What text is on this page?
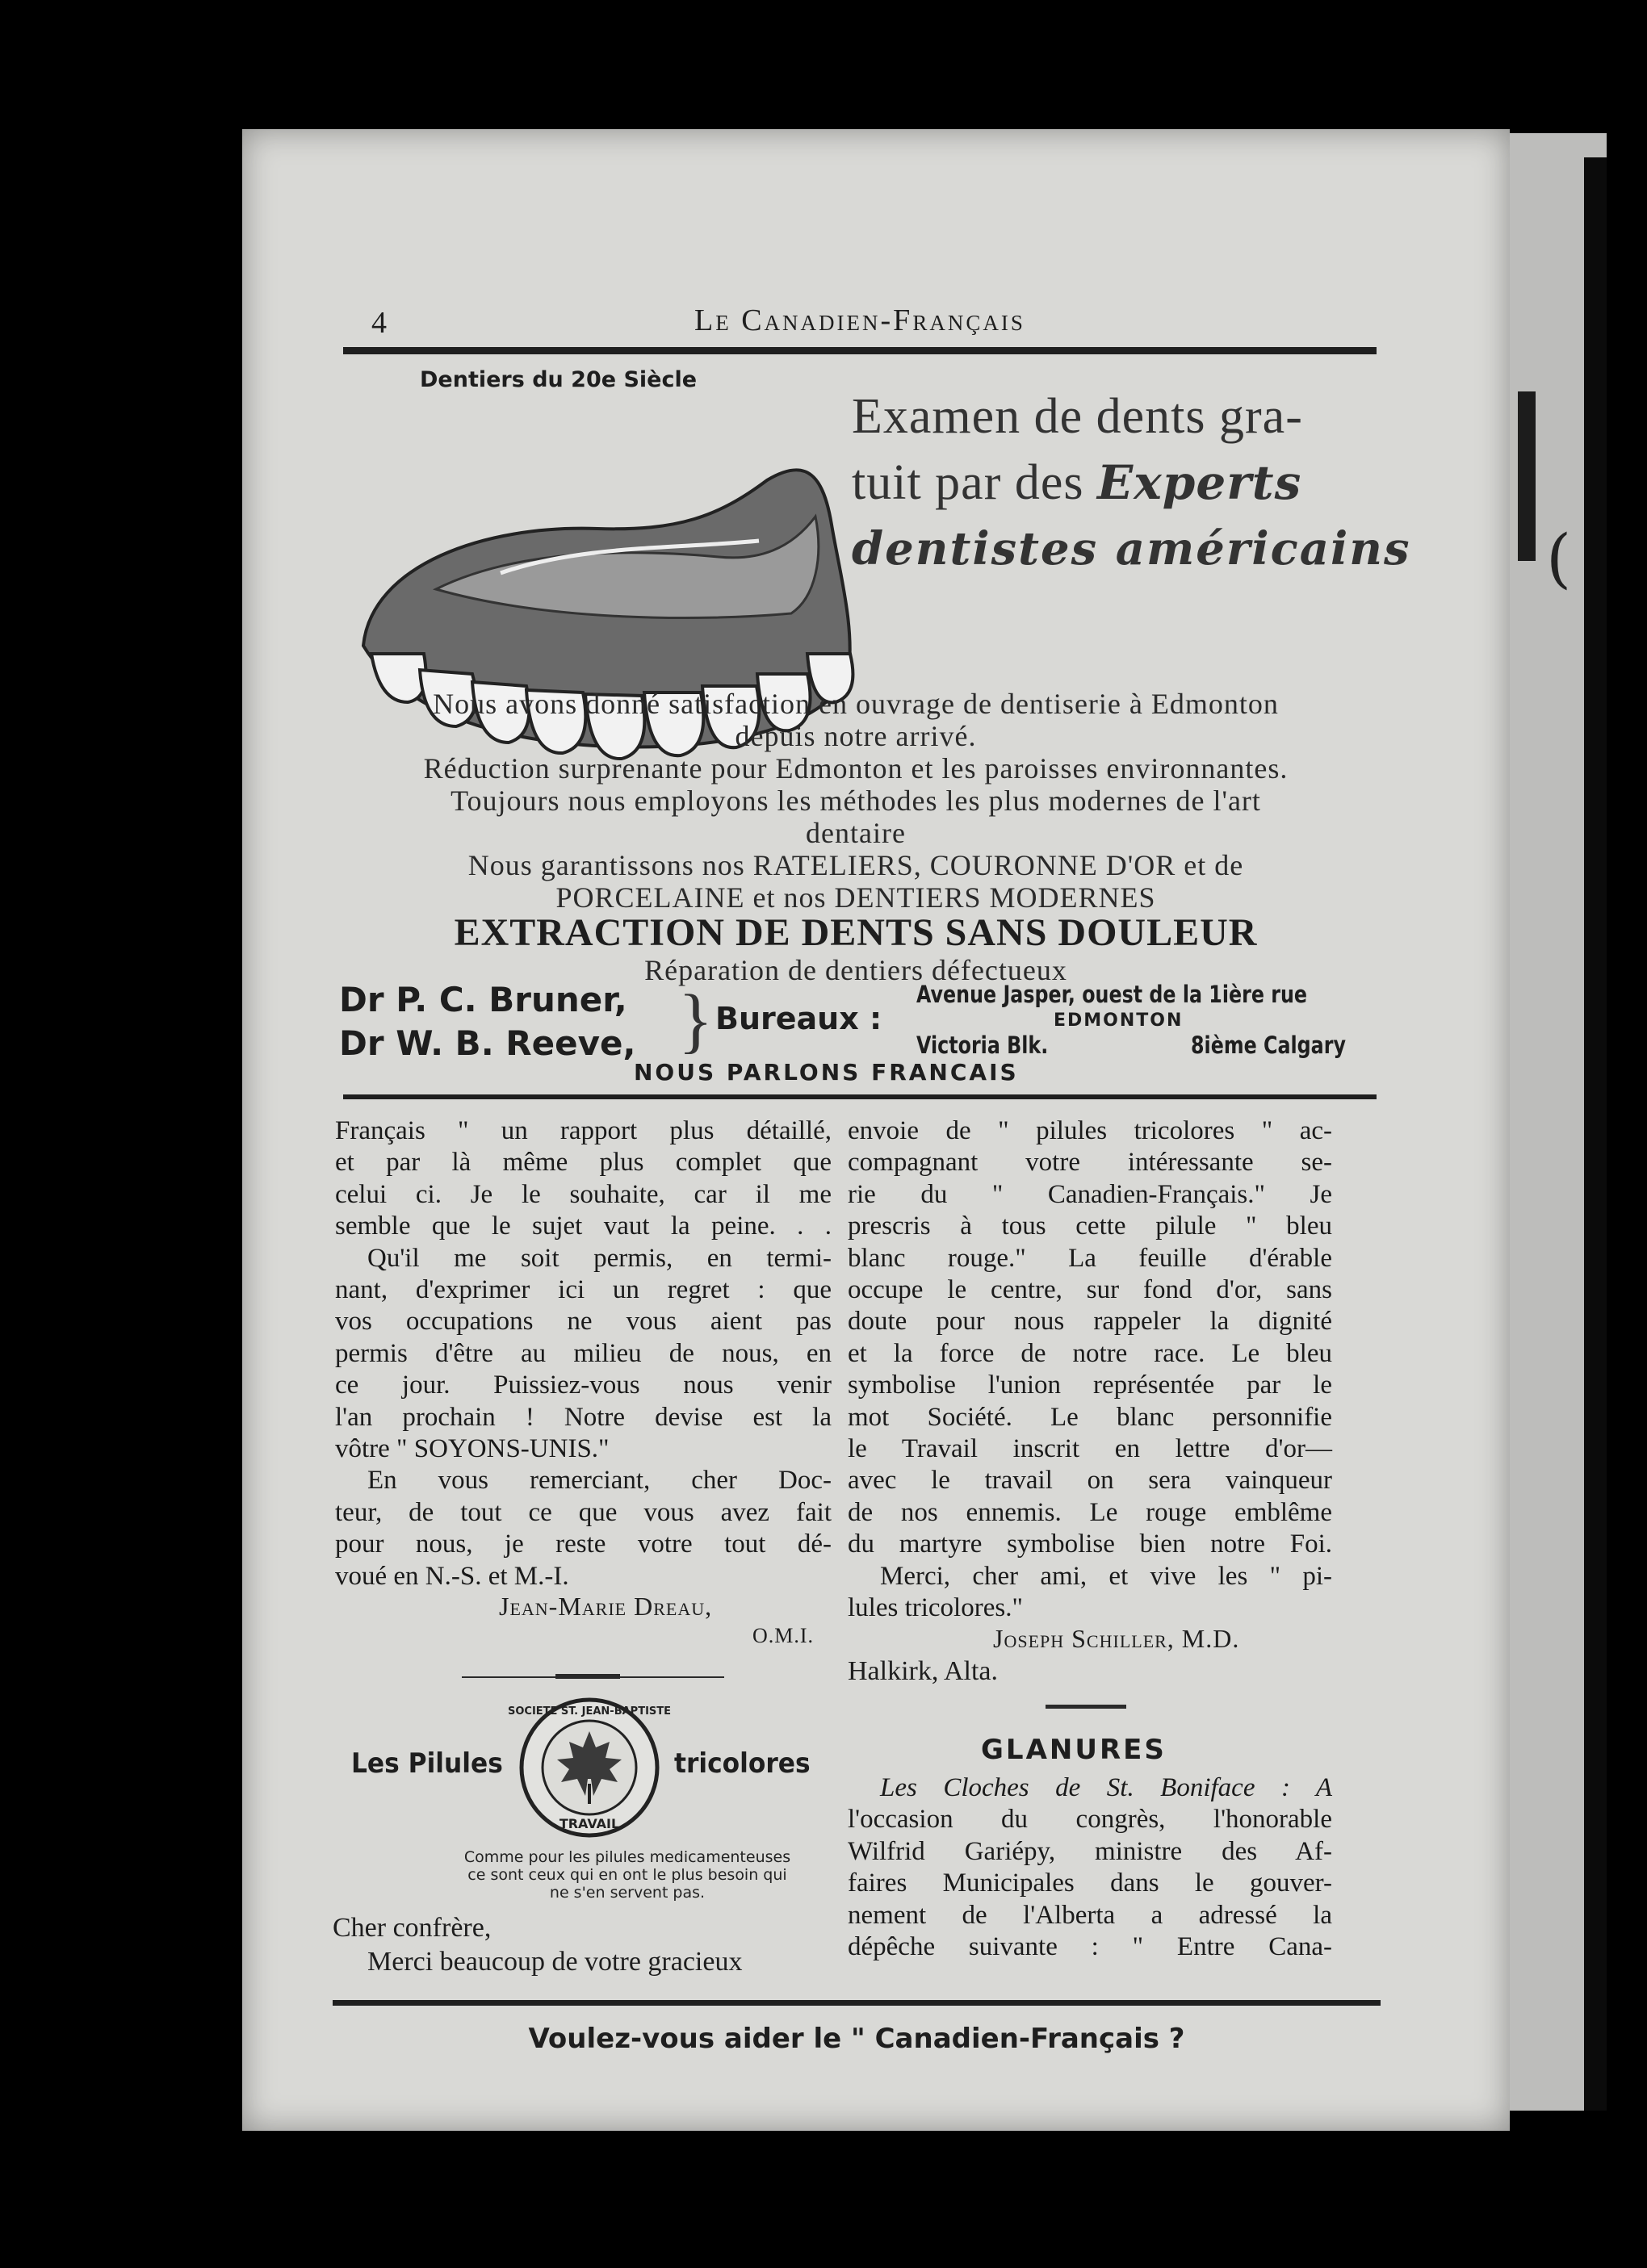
(
4	Le Canadien-Français
Dentiers du 20e Siècle
Examen de dents gra-
tuit par des Experts
dentistes américains
Nous avons donné satisfaction en ouvrage de dentiserie à Edmonton
depuis notre arrivé.
Réduction surprenante pour Edmonton et les paroisses environnantes.
Toujours nous employons les méthodes les plus modernes de l'art
dentaire
Nous garantissons nos RATELIERS, COURONNE D'OR et de
PORCELAINE et nos DENTIERS MODERNES
EXTRACTION DE DENTS SANS DOULEUR
Réparation de dentiers défectueux
Dr P. C. Bruner,
Dr W. B. Reeve, } Bureaux :
Avenue Jasper, ouest de la 1ière rue
EDMONTON
Victoria Blk.	8ième Calgary
NOUS PARLONS FRANCAIS
Français " un rapport plus détaillé,
et par là même plus complet que
celui ci. Je le souhaite, car il me
semble que le sujet vaut la peine. . .
Qu'il me soit permis, en termi-
nant, d'exprimer ici un regret : que
vos occupations ne vous aient pas
permis d'être au milieu de nous, en
ce jour. Puissiez-vous nous venir
l'an prochain ! Notre devise est la
vôtre " SOYONS-UNIS."
En vous remerciant, cher Doc-
teur, de tout ce que vous avez fait
pour nous, je reste votre tout dé-
voué en N.-S. et M.-I.
Jean-Marie Dreau,
O.M.I.
Les Pilules
SOCIETE ST. JEAN-BAPTISTE
TRAVAIL
tricolores
Comme pour les pilules medicamenteuses
ce sont ceux qui en ont le plus besoin qui
ne s'en servent pas.
Cher confrère,
Merci beaucoup de votre gracieux
envoie de " pilules tricolores " ac-
compagnant votre intéressante se-
rie du " Canadien-Français." Je
prescris à tous cette pilule " bleu
blanc rouge." La feuille d'érable
occupe le centre, sur fond d'or, sans
doute pour nous rappeler la dignité
et la force de notre race. Le bleu
symbolise l'union représentée par le
mot Société. Le blanc personnifie
le Travail inscrit en lettre d'or—
avec le travail on sera vainqueur
de nos ennemis. Le rouge emblême
du martyre symbolise bien notre Foi.
Merci, cher ami, et vive les " pi-
lules tricolores."
Joseph Schiller, M.D.
Halkirk, Alta.
GLANURES
Les Cloches de St. Boniface : A
l'occasion du congrès, l'honorable
Wilfrid Gariépy, ministre des Af-
faires Municipales dans le gouver-
nement de l'Alberta a adressé la
dépêche suivante : " Entre Cana-
Voulez-vous aider le " Canadien-Français ?
